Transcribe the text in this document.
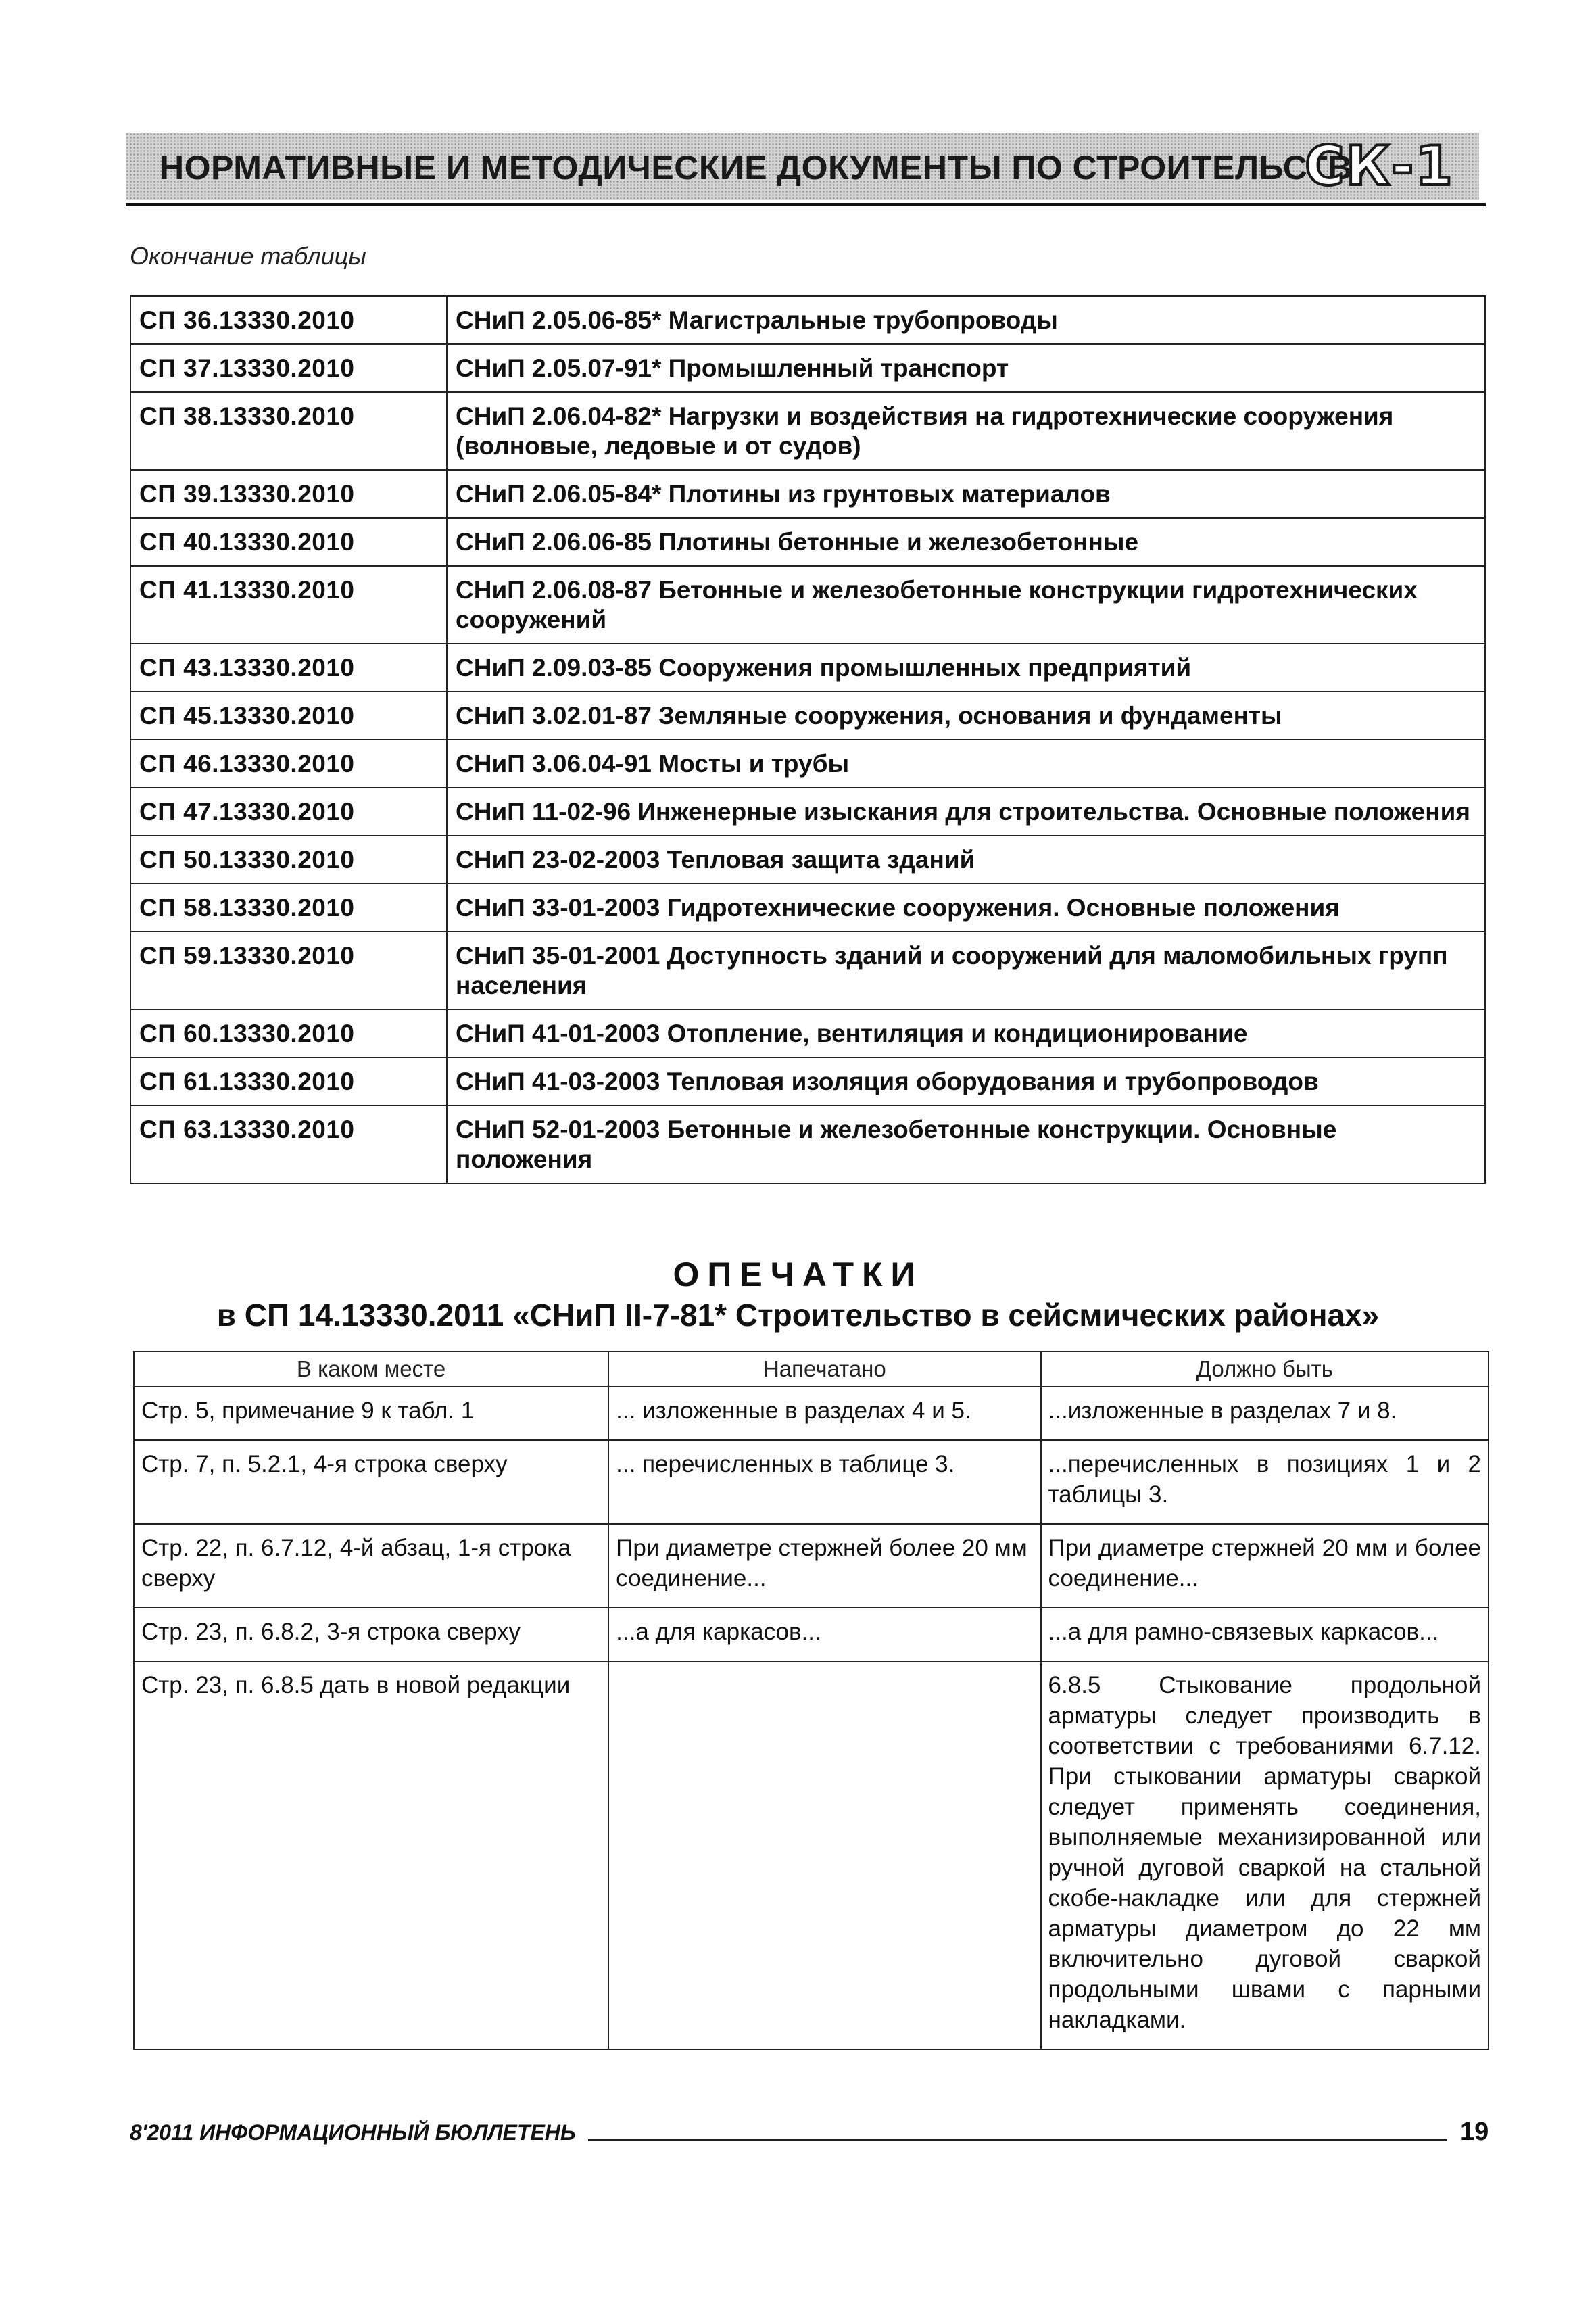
НОРМАТИВНЫЕ И МЕТОДИЧЕСКИЕ ДОКУМЕНТЫ ПО СТРОИТЕЛЬСТВУ
СК-1
Окончание таблицы
СП 36.13330.2010	СНиП 2.05.06-85* Магистральные трубопроводы
СП 37.13330.2010	СНиП 2.05.07-91* Промышленный транспорт
СП 38.13330.2010	СНиП 2.06.04-82* Нагрузки и воздействия на гидротехнические сооружения (волновые, ледовые и от судов)
СП 39.13330.2010	СНиП 2.06.05-84* Плотины из грунтовых материалов
СП 40.13330.2010	СНиП 2.06.06-85 Плотины бетонные и железобетонные
СП 41.13330.2010	СНиП 2.06.08-87 Бетонные и железобетонные конструкции гидротехнических сооружений
СП 43.13330.2010	СНиП 2.09.03-85 Сооружения промышленных предприятий
СП 45.13330.2010	СНиП 3.02.01-87 Земляные сооружения, основания и фундаменты
СП 46.13330.2010	СНиП 3.06.04-91 Мосты и трубы
СП 47.13330.2010	СНиП 11-02-96 Инженерные изыскания для строительства. Основные положения
СП 50.13330.2010	СНиП 23-02-2003 Тепловая защита зданий
СП 58.13330.2010	СНиП 33-01-2003 Гидротехнические сооружения. Основные положения
СП 59.13330.2010	СНиП 35-01-2001 Доступность зданий и сооружений для маломобильных групп населения
СП 60.13330.2010	СНиП 41-01-2003 Отопление, вентиляция и кондиционирование
СП 61.13330.2010	СНиП 41-03-2003 Тепловая изоляция оборудования и трубопроводов
СП 63.13330.2010	СНиП 52-01-2003 Бетонные и железобетонные конструкции. Основные положения
ОПЕЧАТКИ
в СП 14.13330.2011 «СНиП II-7-81* Строительство в сейсмических районах»
В каком месте	Напечатано	Должно быть
Стр. 5, примечание 9 к табл. 1	... изложенные в разделах 4 и 5.	...изложенные в разделах 7 и 8.
Стр. 7, п. 5.2.1, 4-я строка сверху	... перечисленных в таблице 3.	...перечисленных в позициях 1 и 2 таблицы 3.
Стр. 22, п. 6.7.12, 4-й абзац, 1-я строка сверху	При диаметре стержней более 20 мм соединение...	При диаметре стержней 20 мм и более соединение...
Стр. 23, п. 6.8.2, 3-я строка сверху	...а для каркасов...	...а для рамно-связевых каркасов...
Стр. 23, п. 6.8.5 дать в новой редакции		6.8.5 Стыкование продольной арматуры следует производить в соответствии с требованиями 6.7.12. При стыковании арматуры сваркой следует применять соединения, выполняемые механизированной или ручной дуговой сваркой на стальной скобе-накладке или для стержней арматуры диаметром до 22 мм включительно дуговой сваркой продольными швами с парными накладками.
8'2011 ИНФОРМАЦИОННЫЙ БЮЛЛЕТЕНЬ	19
